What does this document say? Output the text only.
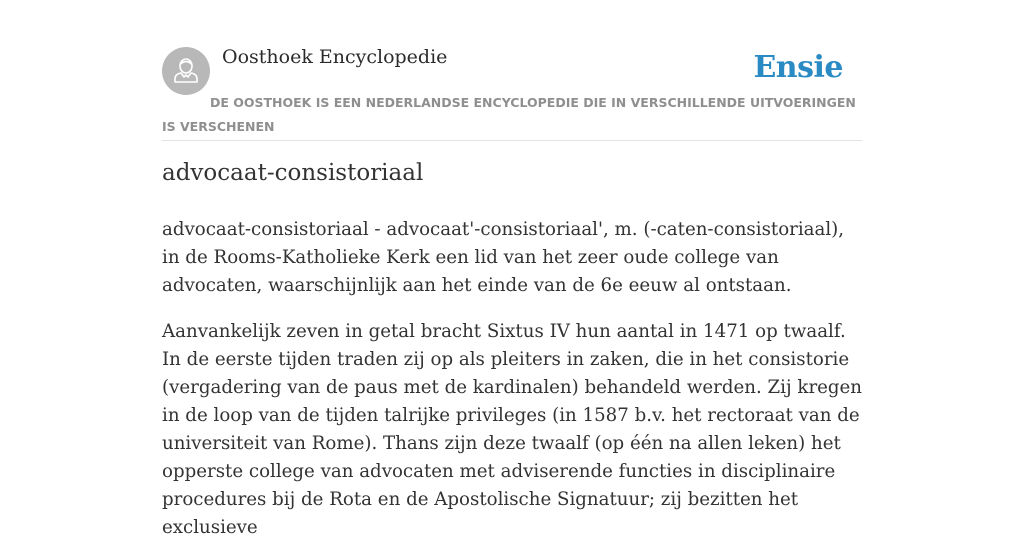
Oosthoek Encyclopedie	Ensie
DE OOSTHOEK IS EEN NEDERLANDSE ENCYCLOPEDIE DIE IN VERSCHILLENDE UITVOERINGEN IS VERSCHENEN
advocaat-consistoriaal

advocaat-consistoriaal - advocaat'-consistoriaal', m. (-caten-consistoriaal), in de Rooms-Katholieke Kerk een lid van het zeer oude college van advocaten, waarschijnlijk aan het einde van de 6e eeuw al ontstaan.

Aanvankelijk zeven in getal bracht Sixtus IV hun aantal in 1471 op twaalf. In de eerste tijden traden zij op als pleiters in zaken, die in het consistorie (vergadering van de paus met de kardinalen) behandeld werden. Zij kregen in de loop van de tijden talrijke privileges (in 1587 b.v. het rectoraat van de universiteit van Rome). Thans zijn deze twaalf (op één na allen leken) het opperste college van advocaten met adviserende functies in disciplinaire procedures bij de Rota en de Apostolische Signatuur; zij bezitten het exclusieve
